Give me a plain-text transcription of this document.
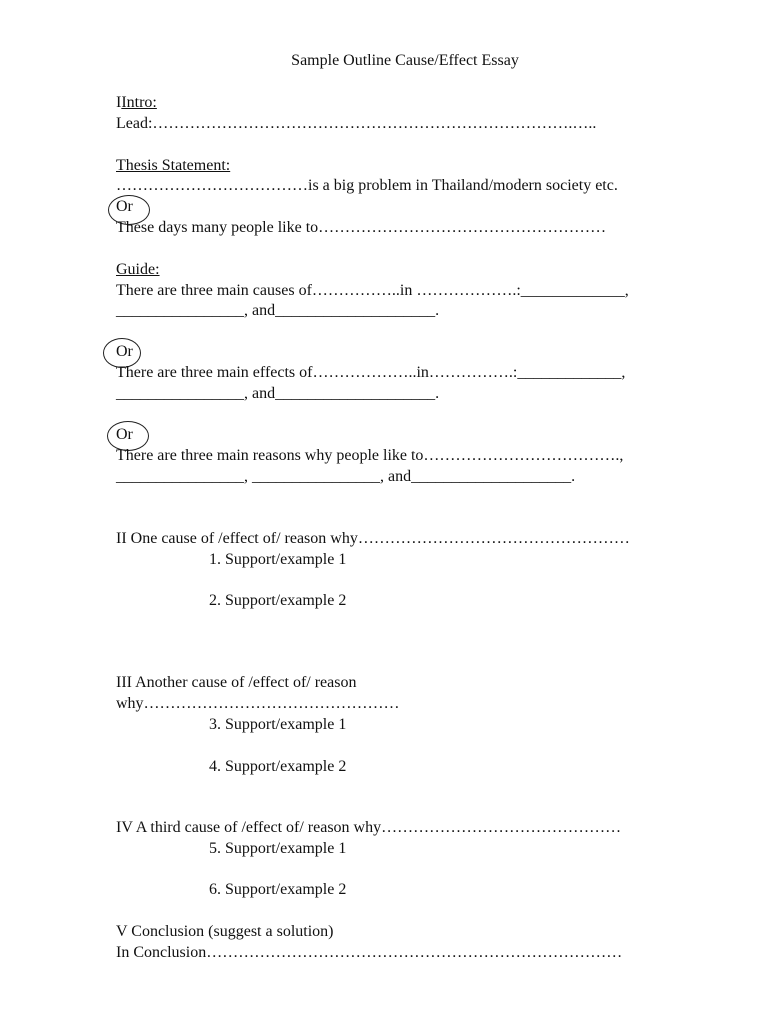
Sample Outline Cause/Effect Essay

IIntro:

Lead:…………………………………………………………………….…..

Thesis Statement:

………………………………is a big problem in Thailand/modern society etc.

Or

These days many people like to………………………………………………

Guide:

There are three main causes of……………..in ……………….:_____________,

________________, and____________________.

Or

There are three main effects of………………..in…………….:_____________,

________________, and____________________.

Or

There are three main reasons why people like to……………………………….,

________________, ________________, and____________________.

II One cause of /effect of/ reason why……………………………………………

1. Support/example 1

2. Support/example 2

III Another cause of /effect of/ reason

why…………………………………………

3. Support/example 1

4. Support/example 2

IV A third cause of /effect of/ reason why………………………………………

5. Support/example 1

6. Support/example 2

V Conclusion (suggest a solution)

In Conclusion……………………………………………………………………
